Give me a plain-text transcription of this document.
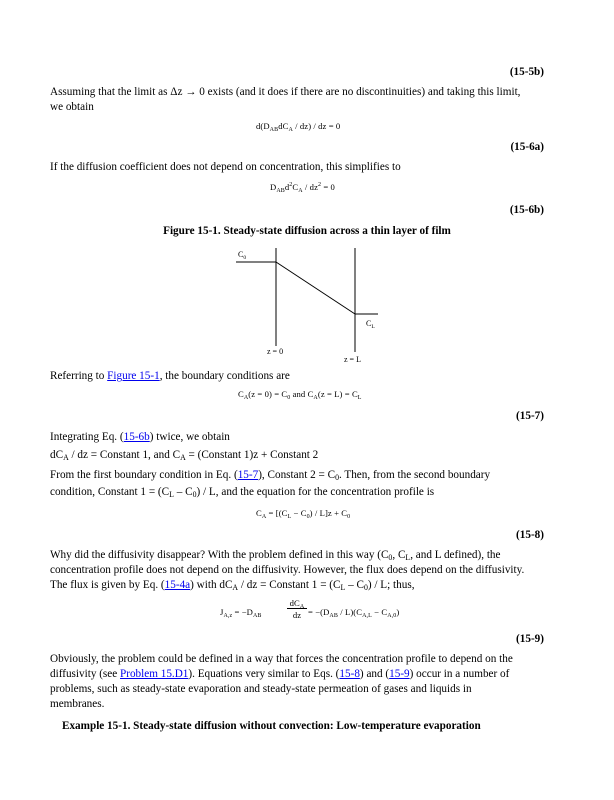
(15-5b)
Assuming that the limit as Δz → 0 exists (and it does if there are no discontinuities) and taking this limit,
we obtain
$d(D_{AB}dC_A / dz)$ / dz = 0
(15-6a)
If the diffusion coefficient does not depend on concentration, this simplifies to
$D_{AB}d^2C_A / dz^2 = 0$
(15-6b)
Figure 15-1. Steady-state diffusion across a thin layer of film
$C_0$
$C_L$
z = 0
z = L
Referring to Figure 15-1, the boundary conditions are
$C_A(z = 0) = C_0$ and $C_A(z = L) = C_L$
(15-7)
Integrating Eq. (15-6b) twice, we obtain
$dC_A$ / dz = Constant 1, and $C_A$ = (Constant 1)z + Constant 2
From the first boundary condition in Eq. (15-7), Constant $2 = C_0$. Then, from the second boundary
condition, Constant $1 = (C_L - C_0) / L$, and the equation for the concentration profile is
$C_A = [(C_L - C_0) / L]z + C_0$
(15-8)
Why did the diffusivity disappear? With the problem defined in this way ($C_0$, $C_L$, and L defined), the
concentration profile does not depend on the diffusivity. However, the flux does depend on the diffusivity.
The flux is given by Eq. (15-4a) with $dC_A$ / dz = Constant $1 = (C_L - C_0) / L$; thus,
$J_{A,z} = -D_{AB}$
$dC_A$
dz = $-(D_{AB} / L)(C_{A,L} - C_{A,0})$
(15-9)
Obviously, the problem could be defined in a way that forces the concentration profile to depend on the
diffusivity (see Problem 15.D1). Equations very similar to Eqs. (15-8) and (15-9) occur in a number of
problems, such as steady-state evaporation and steady-state permeation of gases and liquids in
membranes.
Example 15-1. Steady-state diffusion without convection: Low-temperature evaporation
